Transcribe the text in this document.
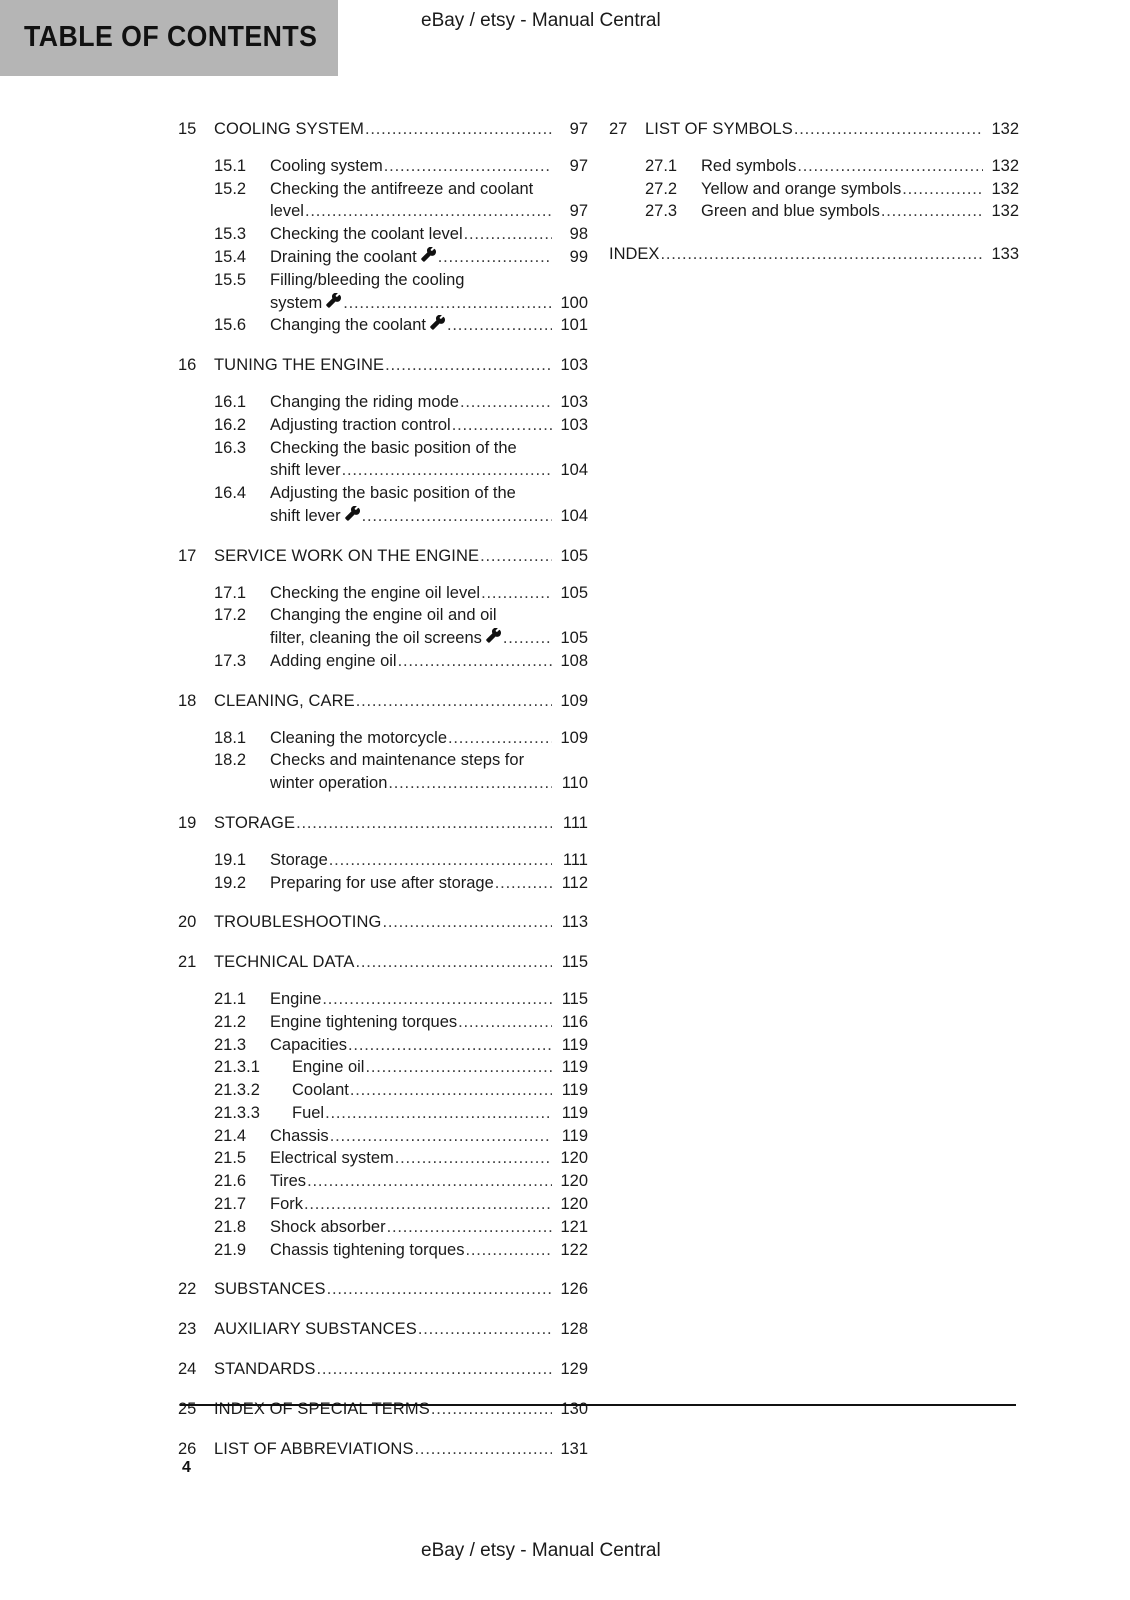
TABLE OF CONTENTS
eBay / etsy - Manual Central
15	COOLING SYSTEM .....	97
15.1	Cooling system .....	97
15.2	Checking the antifreeze and coolant
level .....	97
15.3	Checking the coolant level .....	98
15.4	Draining the coolant .....	99
15.5	Filling/bleeding the cooling
system .....	100
15.6	Changing the coolant .....	101
16	TUNING THE ENGINE .....	103
16.1	Changing the riding mode .....	103
16.2	Adjusting traction control .....	103
16.3	Checking the basic position of the
shift lever .....	104
16.4	Adjusting the basic position of the
shift lever .....	104
17	SERVICE WORK ON THE ENGINE .....	105
17.1	Checking the engine oil level .....	105
17.2	Changing the engine oil and oil
filter, cleaning the oil screens .....	105
17.3	Adding engine oil .....	108
18	CLEANING, CARE .....	109
18.1	Cleaning the motorcycle .....	109
18.2	Checks and maintenance steps for
winter operation .....	110
19	STORAGE .....	111
19.1	Storage .....	111
19.2	Preparing for use after storage .....	112
20	TROUBLESHOOTING .....	113
21	TECHNICAL DATA .....	115
21.1	Engine .....	115
21.2	Engine tightening torques .....	116
21.3	Capacities .....	119
21.3.1	Engine oil .....	119
21.3.2	Coolant .....	119
21.3.3	Fuel .....	119
21.4	Chassis .....	119
21.5	Electrical system .....	120
21.6	Tires .....	120
21.7	Fork .....	120
21.8	Shock absorber .....	121
21.9	Chassis tightening torques .....	122
22	SUBSTANCES .....	126
23	AUXILIARY SUBSTANCES .....	128
24	STANDARDS .....	129
25	INDEX OF SPECIAL TERMS .....	130
26	LIST OF ABBREVIATIONS .....	131
27	LIST OF SYMBOLS .....	132
27.1	Red symbols .....	132
27.2	Yellow and orange symbols .....	132
27.3	Green and blue symbols .....	132
INDEX .....	133
4
eBay / etsy - Manual Central
